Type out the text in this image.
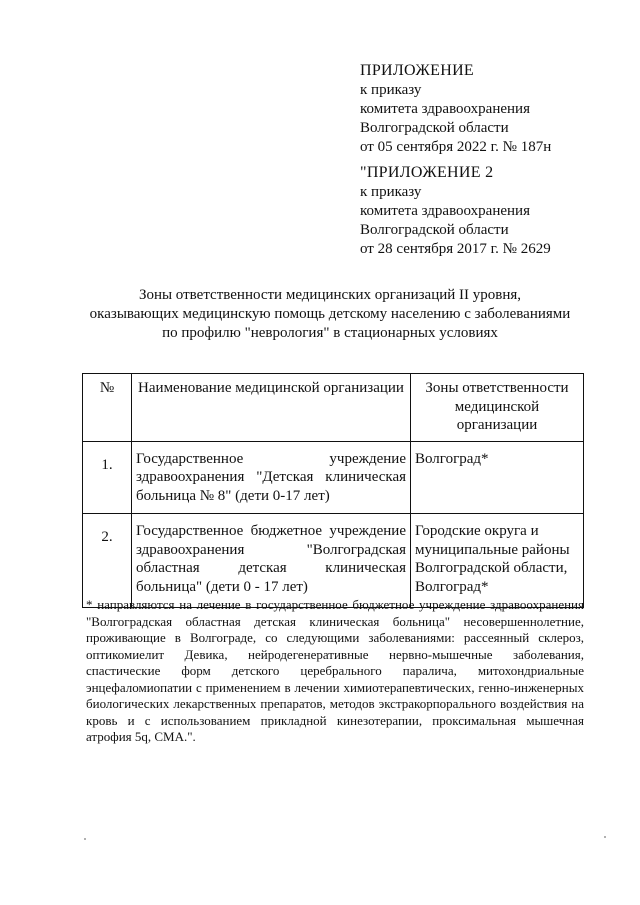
ПРИЛОЖЕНИЕ
к приказу
комитета здравоохранения
Волгоградской области
от 05 сентября 2022 г. № 187н
"ПРИЛОЖЕНИЕ 2
к приказу
комитета здравоохранения
Волгоградской области
от 28 сентября 2017 г. № 2629
Зоны ответственности медицинских организаций II уровня,
оказывающих медицинскую помощь детскому населению с заболеваниями
по профилю "неврология" в стационарных условиях
№	Наименование медицинской организации	Зоны ответственности медицинской организации
1.	Государственное учреждение здравоохранения "Детская клиническая больница № 8" (дети 0-17 лет)	Волгоград*
2.	Государственное бюджетное учреждение здравоохранения "Волгоградская областная детская клиническая больница" (дети 0 - 17 лет)	Городские округа и муниципальные районы Волгоградской области, Волгоград*
* направляются на лечение в государственное бюджетное учреждение здравоохранения "Волгоградская областная детская клиническая больница" несовершеннолетние, проживающие в Волгограде, со следующими заболеваниями: рассеянный склероз, оптикомиелит Девика, нейродегенеративные нервно-мышечные заболевания, спастические форм детского церебрального паралича, митохондриальные энцефаломиопатии с применением в лечении химиотерапевтических, генно-инженерных биологических лекарственных препаратов, методов экстракорпорального воздействия на кровь и с использованием прикладной кинезотерапии, проксимальная мышечная атрофия 5q, СМА.".
